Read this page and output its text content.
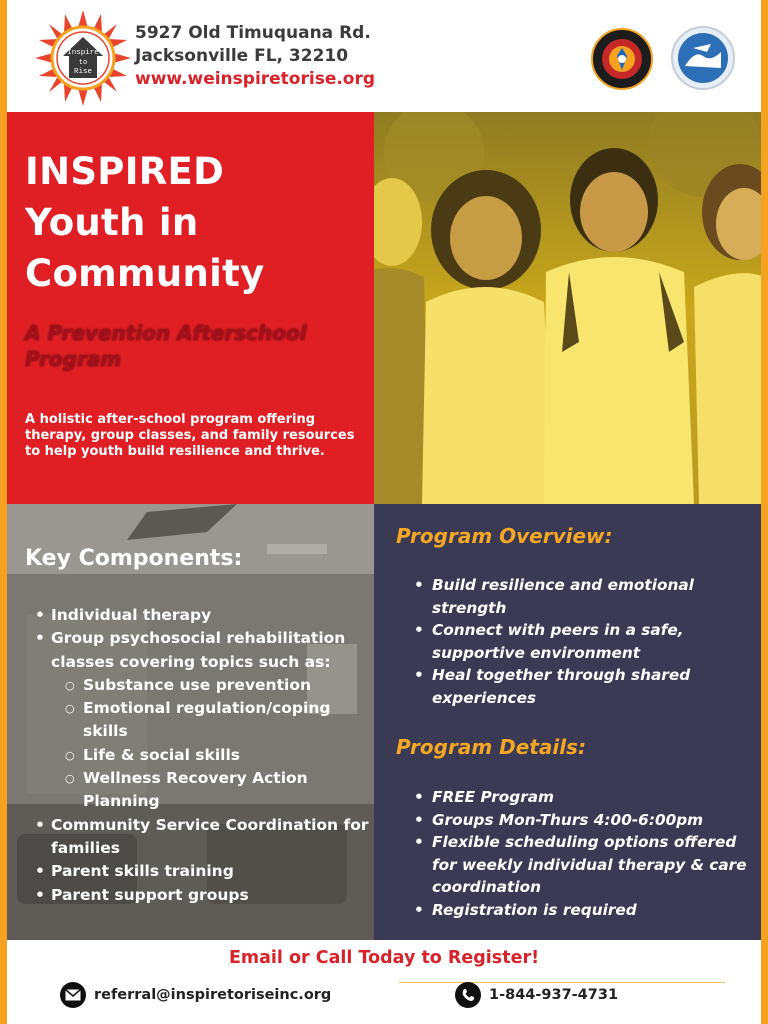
Inspire
to
Rise
5927 Old Timuquana Rd.
Jacksonville FL, 32210
www.weinspiretorise.org
INSPIRED
Youth in
Community
A Prevention Afterschool
Program
A holistic after-school program offering therapy, group classes, and family resources to help youth build resilience and thrive.
Key Components:
• Individual therapy
• Group psychosocial rehabilitation classes covering topics such as:
○ Substance use prevention
○ Emotional regulation/coping skills
○ Life & social skills
○ Wellness Recovery Action Planning
• Community Service Coordination for families
• Parent skills training
• Parent support groups
Program Overview:
• Build resilience and emotional strength
• Connect with peers in a safe, supportive environment
• Heal together through shared experiences
Program Details:
• FREE Program
• Groups Mon-Thurs 4:00-6:00pm
• Flexible scheduling options offered for weekly individual therapy & care coordination
• Registration is required
Email or Call Today to Register!
referral@inspiretoriseinc.org	1-844-937-4731
